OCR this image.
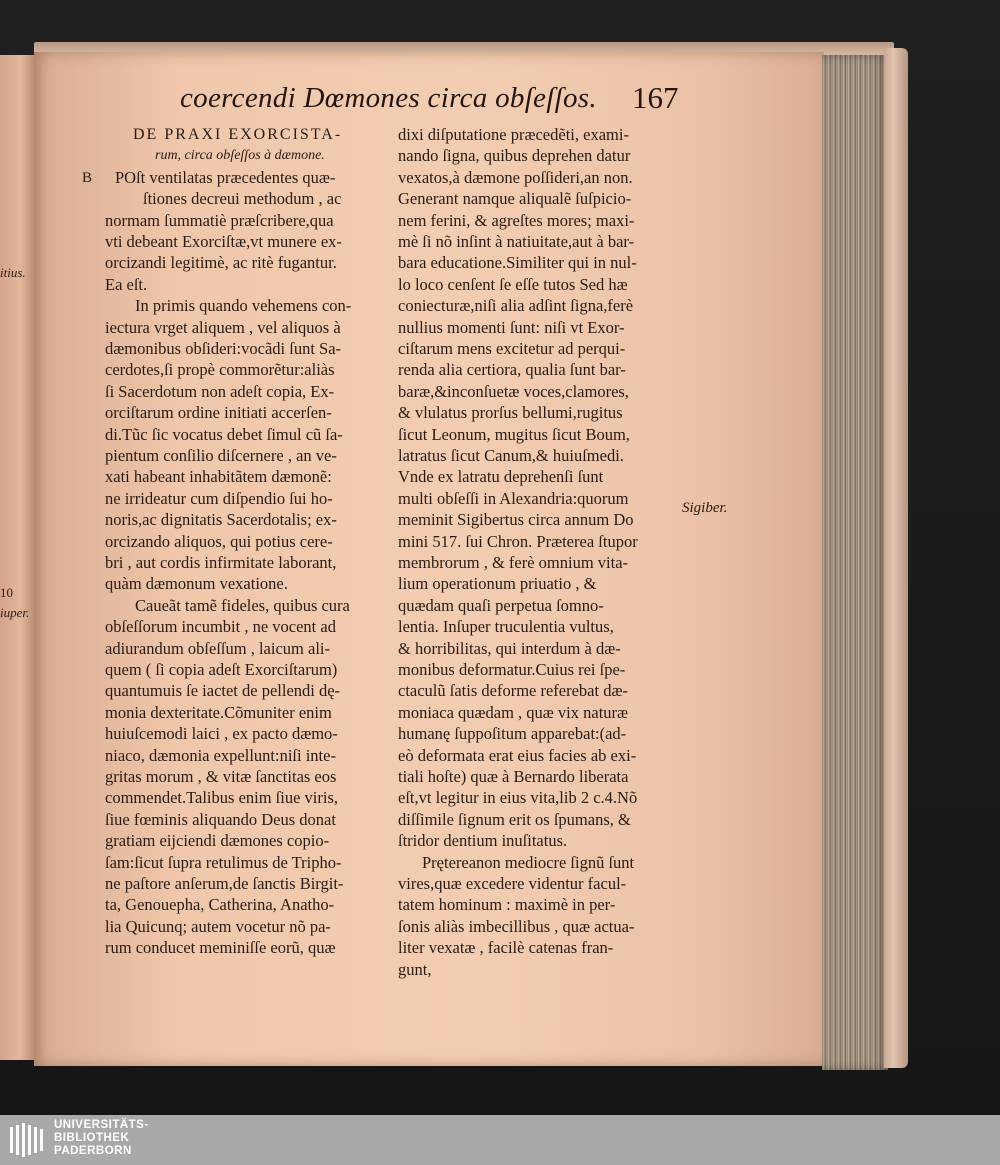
itius.
10
iuper.
coercendi Dœmones circa obſeſſos. 167
B
Sigiber.
DE PRAXI EXORCISTA-
rum, circa obſeſſos à dæmone.
POſt ventilatas præcedentes quæ-
ſtiones decreui methodum , ac
normam ſummatiè præſcribere,qua
vti debeant Exorciſtæ,vt munere ex-
orcizandi legitimè, ac ritè fugantur.
Ea eſt.
In primis quando vehemens con-
iectura vrget aliquem , vel aliquos à
dæmonibus obſideri:vocãdi ſunt Sa-
cerdotes,ſi propè commorẽtur:aliàs
ſi Sacerdotum non adeſt copia, Ex-
orciſtarum ordine initiati accerſen-
di.Tũc ſic vocatus debet ſimul cũ ſa-
pientum conſilio diſcernere , an ve-
xati habeant inhabitãtem dæmonẽ:
ne irrideatur cum diſpendio ſui ho-
noris,ac dignitatis Sacerdotalis; ex-
orcizando aliquos, qui potius cere-
bri , aut cordis infirmitate laborant,
quàm dæmonum vexatione.
Caueãt tamẽ fideles, quibus cura
obſeſſorum incumbit , ne vocent ad
adiurandum obſeſſum , laicum ali-
quem ( ſi copia adeſt Exorciſtarum)
quantumuis ſe iactet de pellendi dę-
monia dexteritate.Cõmuniter enim
huiuſcemodi laici , ex pacto dæmo-
niaco, dæmonia expellunt:niſi inte-
gritas morum , & vitæ ſanctitas eos
commendet.Talibus enim ſiue viris,
ſiue fœminis aliquando Deus donat
gratiam eijciendi dæmones copio-
ſam:ſicut ſupra retulimus de Tripho-
ne paſtore anſerum,de ſanctis Birgit-
ta, Genouepha, Catherina, Anatho-
lia Quicunq; autem vocetur nõ pa-
rum conducet meminiſſe eorũ, quæ
dixi diſputatione præcedẽti, exami-
nando ſigna, quibus deprehen datur
vexatos,à dæmone poſſideri,an non.
Generant namque aliqualẽ ſuſpicio-
nem ferini, & agreſtes mores; maxi-
mè ſi nõ inſint à natiuitate,aut à bar-
bara educatione.Similiter qui in nul-
lo loco cenſent ſe eſſe tutos Sed hæ
coniecturæ,niſi alia adſint ſigna,ferè
nullius momenti ſunt: niſi vt Exor-
ciſtarum mens excitetur ad perqui-
renda alia certiora, qualia ſunt bar-
baræ,&inconſuetæ voces,clamores,
& vlulatus prorſus bellumi,rugitus
ſicut Leonum, mugitus ſicut Boum,
latratus ſicut Canum,& huiuſmedi.
Vnde ex latratu deprehenſi ſunt
multi obſeſſi in Alexandria:quorum
meminit Sigibertus circa annum Do
mini 517. ſui Chron. Præterea ſtupor
membrorum , & ferè omnium vita-
lium operationum priuatio , &
quædam quaſi perpetua ſomno-
lentia. Inſuper truculentia vultus,
& horribilitas, qui interdum à dæ-
monibus deformatur.Cuius rei ſpe-
ctaculũ ſatis deforme referebat dæ-
moniaca quædam , quæ vix naturæ
humanę ſuppoſitum apparebat:(ad-
eò deformata erat eius facies ab exi-
tiali hoſte) quæ à Bernardo liberata
eſt,vt legitur in eius vita,lib 2 c.4.Nõ
diſſimile ſignum erit os ſpumans, &
ſtridor dentium inuſitatus.
Prętereanon mediocre ſignũ ſunt
vires,quæ excedere videntur facul-
tatem hominum : maximè in per-
ſonis aliàs imbecillibus , quæ actua-
liter vexatæ , facilè catenas fran-
gunt,
UNIVERSITÄTS-
BIBLIOTHEK
PADERBORN
